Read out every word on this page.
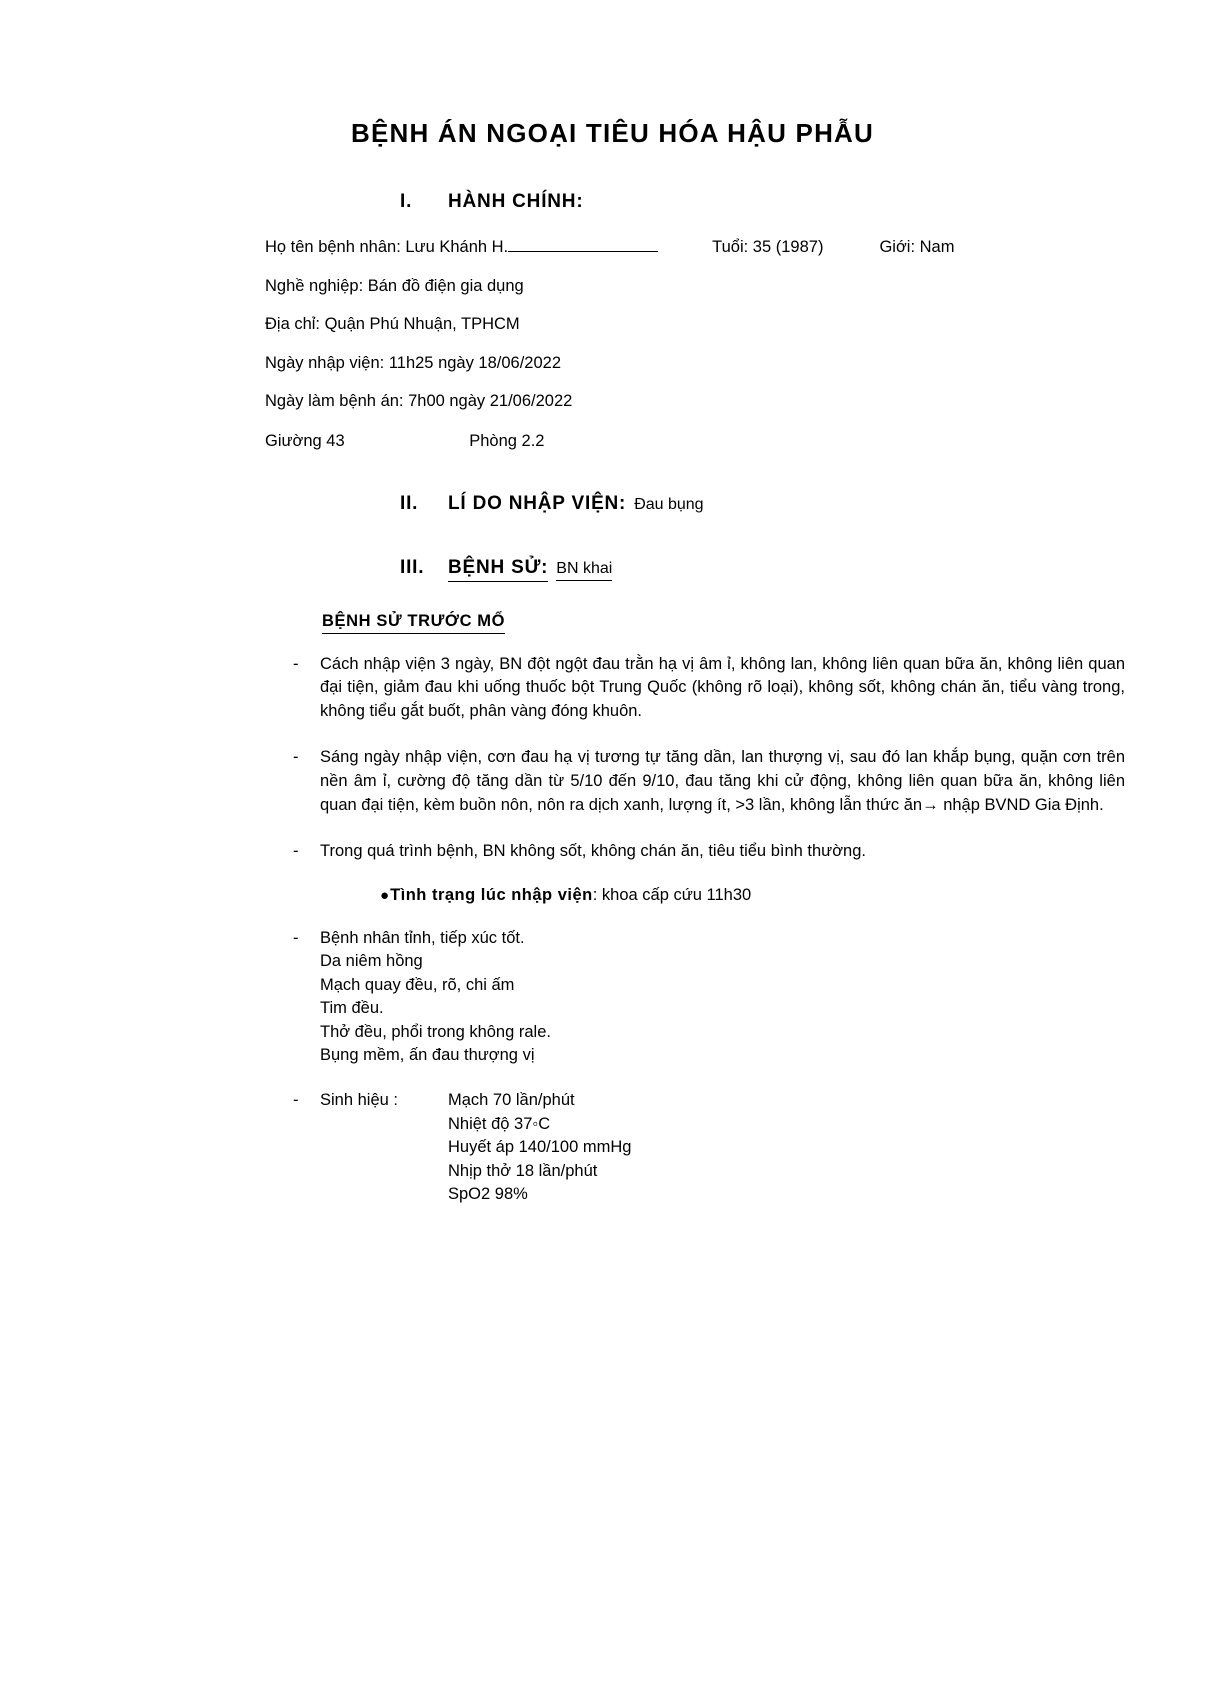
BỆNH ÁN NGOẠI TIÊU HÓA HẬU PHẪU
I.	HÀNH CHÍNH:
Họ tên bệnh nhân: Lưu Khánh H.	Tuổi: 35 (1987)	Giới: Nam
Nghề nghiệp: Bán đồ điện gia dụng
Địa chỉ: Quận Phú Nhuận, TPHCM
Ngày nhập viện: 11h25 ngày 18/06/2022
Ngày làm bệnh án: 7h00 ngày 21/06/2022
Giường 43	Phòng 2.2
II.	LÍ DO NHẬP VIỆN: Đau bụng
III.	BỆNH SỬ: BN khai
BỆNH SỬ TRƯỚC MỔ
- Cách nhập viện 3 ngày, BN đột ngột đau trằn hạ vị âm ỉ, không lan, không liên quan bữa ăn, không liên quan đại tiện, giảm đau khi uống thuốc bột Trung Quốc (không rõ loại), không sốt, không chán ăn, tiểu vàng trong, không tiểu gắt buốt, phân vàng đóng khuôn.
- Sáng ngày nhập viện, cơn đau hạ vị tương tự tăng dần, lan thượng vị, sau đó lan khắp bụng, quặn cơn trên nền âm ỉ, cường độ tăng dần từ 5/10 đến 9/10, đau tăng khi cử động, không liên quan bữa ăn, không liên quan đại tiện, kèm buồn nôn, nôn ra dịch xanh, lượng ít, >3 lần, không lẫn thức ăn→ nhập BVND Gia Định.
- Trong quá trình bệnh, BN không sốt, không chán ăn, tiêu tiểu bình thường.
●Tình trạng lúc nhập viện: khoa cấp cứu 11h30
- Bệnh nhân tỉnh, tiếp xúc tốt.
Da niêm hồng
Mạch quay đều, rõ, chi ấm
Tim đều.
Thở đều, phổi trong không rale.
Bụng mềm, ấn đau thượng vị
- Sinh hiệu :	Mạch 70 lần/phút
Nhiệt độ 37◦C
Huyết áp 140/100 mmHg
Nhịp thở 18 lần/phút
SpO2 98%
